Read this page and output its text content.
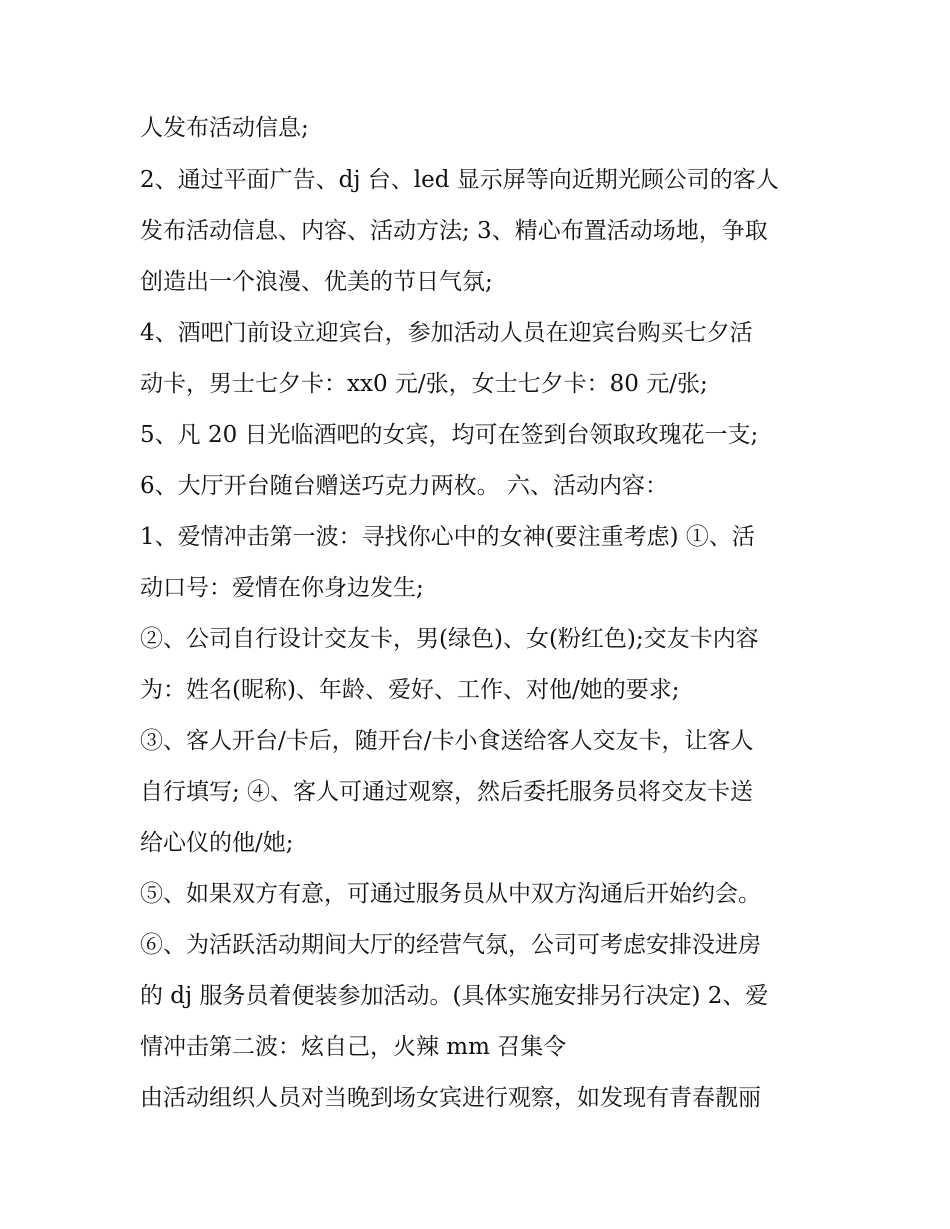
人发布活动信息;
2、通过平面广告、dj 台、led 显示屏等向近期光顾公司的客人
发布活动信息、内容、活动方法; 3、精心布置活动场地，争取
创造出一个浪漫、优美的节日气氛;
4、酒吧门前设立迎宾台，参加活动人员在迎宾台购买七夕活
动卡，男士七夕卡：xx0 元/张，女士七夕卡：80 元/张;
5、凡 20 日光临酒吧的女宾，均可在签到台领取玫瑰花一支;
6、大厅开台随台赠送巧克力两枚。 六、活动内容：
1、爱情冲击第一波：寻找你心中的女神(要注重考虑) ①、活
动口号：爱情在你身边发生;
②、公司自行设计交友卡，男(绿色)、女(粉红色);交友卡内容
为：姓名(昵称)、年龄、爱好、工作、对他/她的要求;
③、客人开台/卡后，随开台/卡小食送给客人交友卡，让客人
自行填写; ④、客人可通过观察，然后委托服务员将交友卡送
给心仪的他/她;
⑤、如果双方有意，可通过服务员从中双方沟通后开始约会。
⑥、为活跃活动期间大厅的经营气氛，公司可考虑安排没进房
的 dj 服务员着便装参加活动。(具体实施安排另行决定) 2、爱
情冲击第二波：炫自己，火辣 mm 召集令
由活动组织人员对当晚到场女宾进行观察，如发现有青春靓丽
